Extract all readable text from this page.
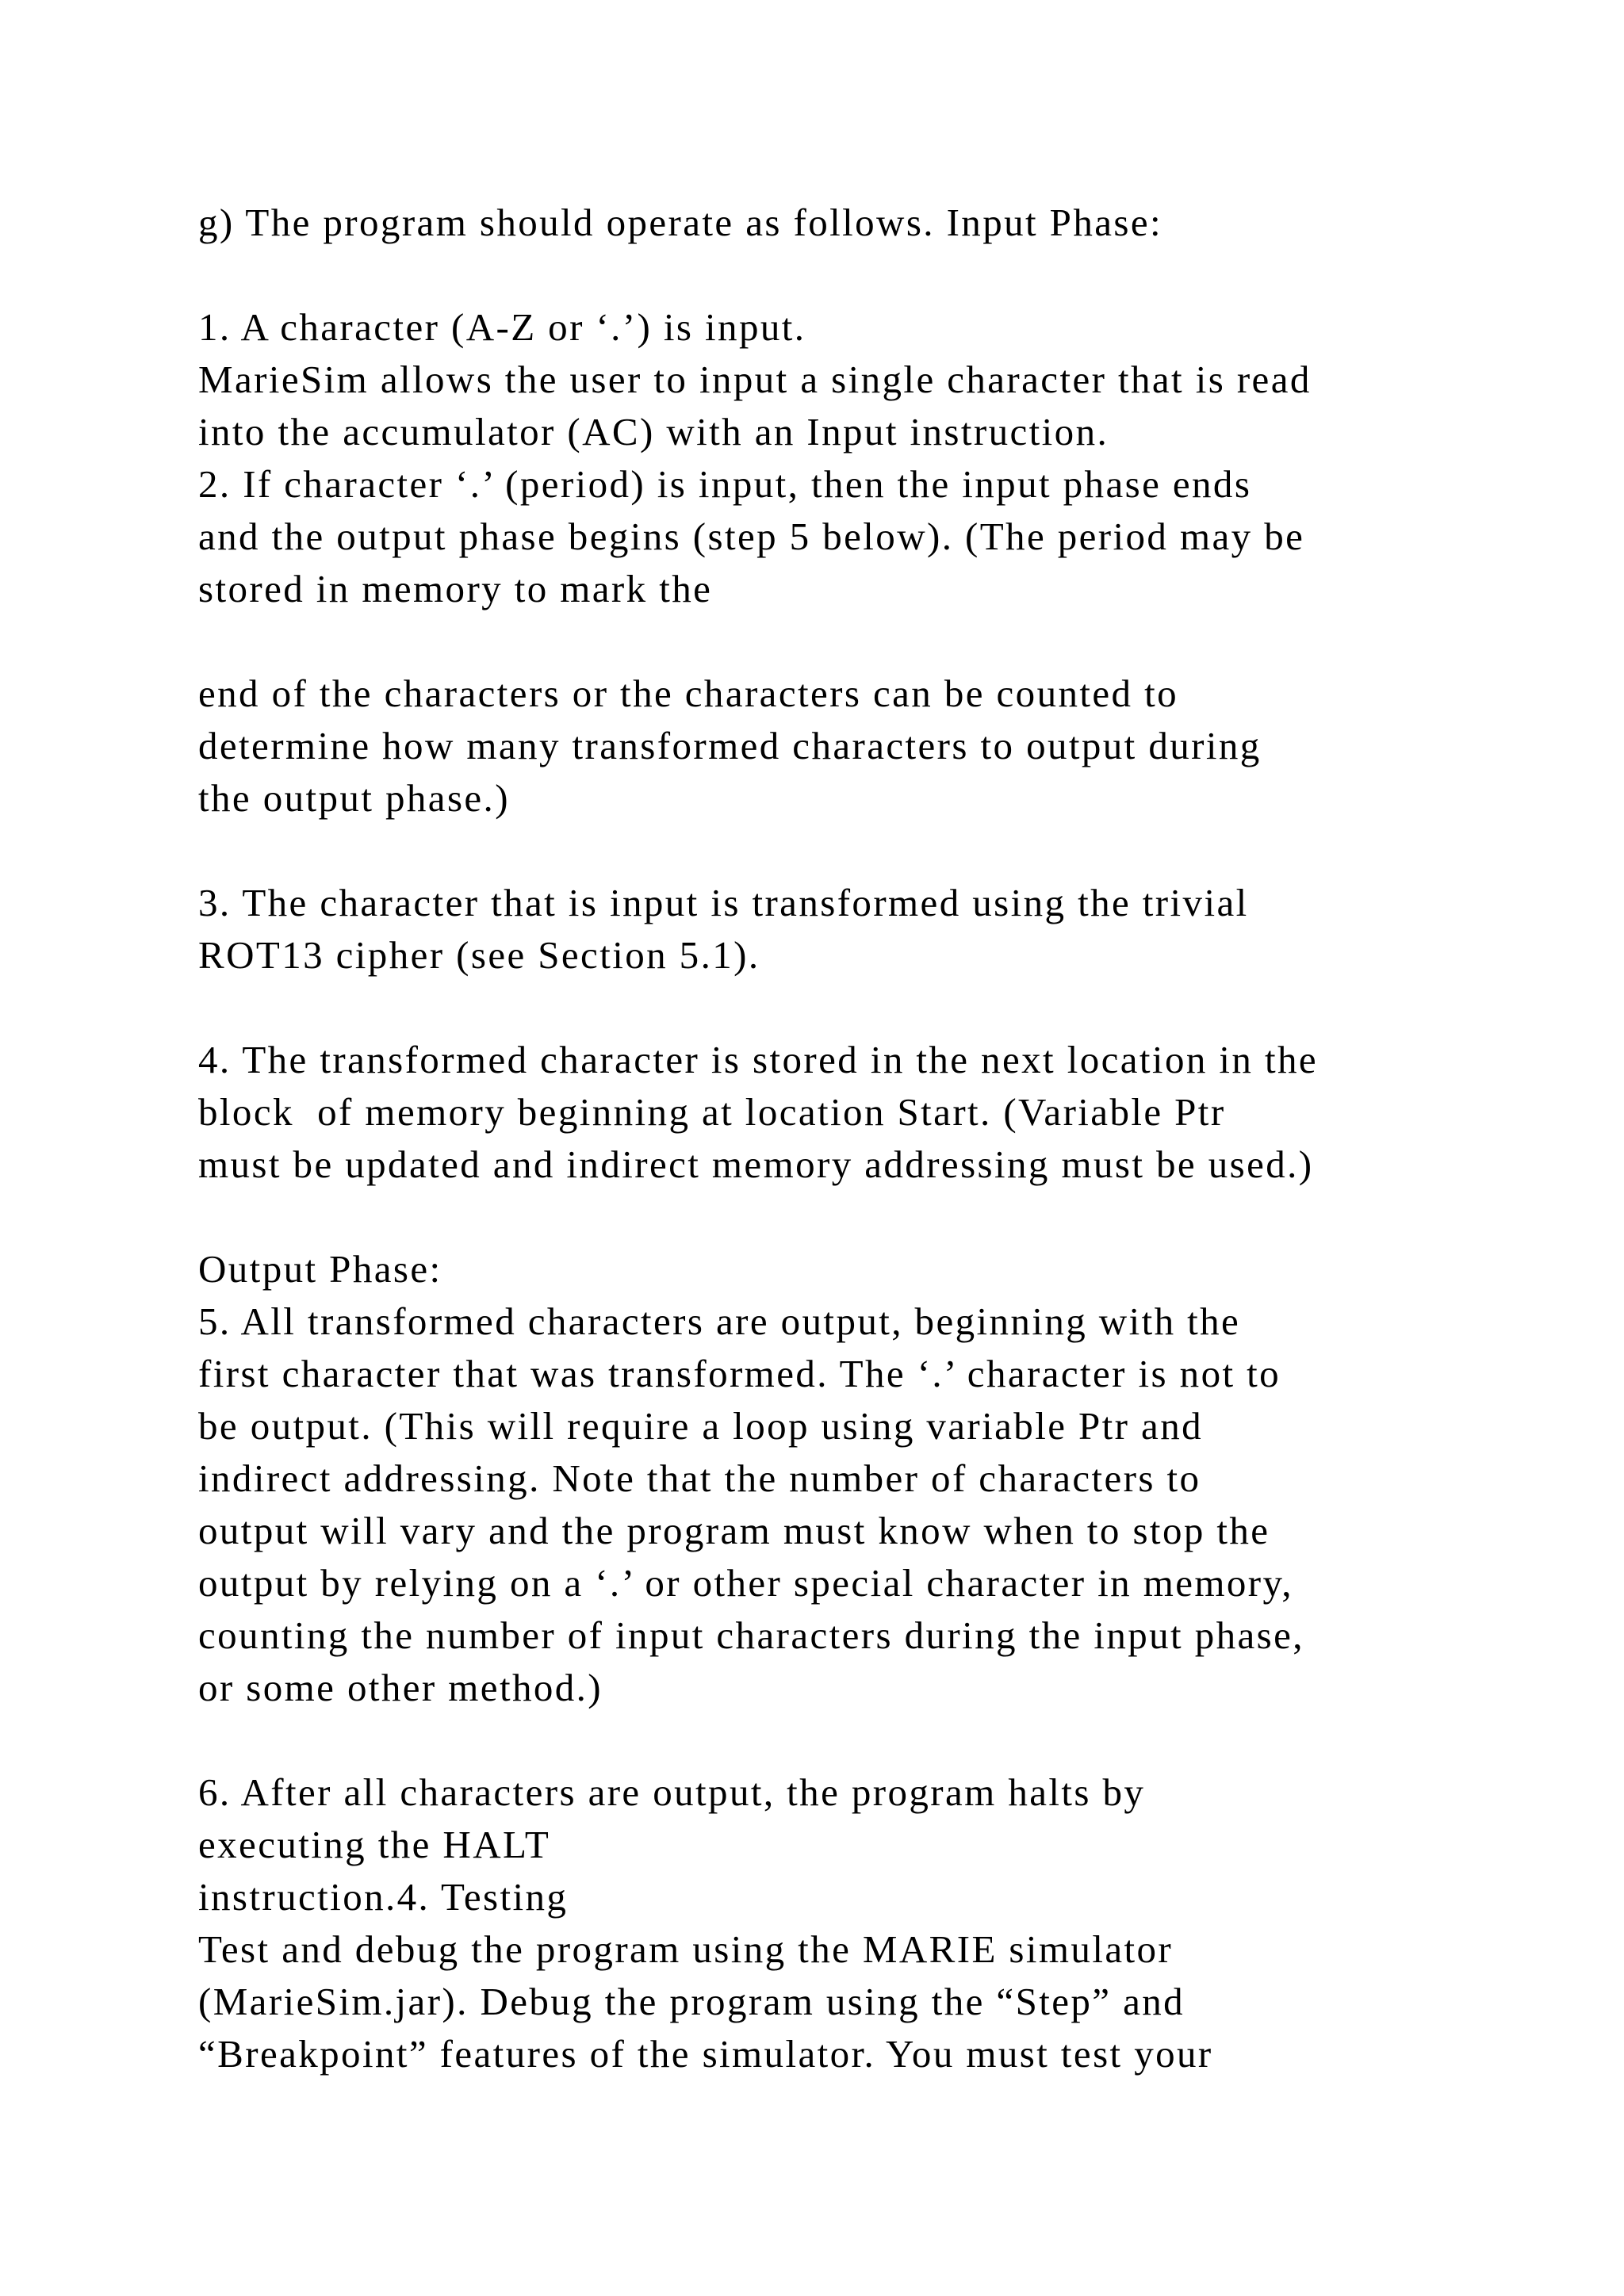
g) The program should operate as follows. Input Phase:
1. A character (A-Z or ‘.’) is input.
MarieSim allows the user to input a single character that is read
into the accumulator (AC) with an Input instruction.
2. If character ‘.’ (period) is input, then the input phase ends
and the output phase begins (step 5 below). (The period may be
stored in memory to mark the
end of the characters or the characters can be counted to
determine how many transformed characters to output during
the output phase.)
3. The character that is input is transformed using the trivial
ROT13 cipher (see Section 5.1).
4. The transformed character is stored in the next location in the
block  of memory beginning at location Start. (Variable Ptr
must be updated and indirect memory addressing must be used.)
Output Phase:
5. All transformed characters are output, beginning with the
first character that was transformed. The ‘.’ character is not to
be output. (This will require a loop using variable Ptr and
indirect addressing. Note that the number of characters to
output will vary and the program must know when to stop the
output by relying on a ‘.’ or other special character in memory,
counting the number of input characters during the input phase,
or some other method.)
6. After all characters are output, the program halts by
executing the HALT
instruction.4. Testing
Test and debug the program using the MARIE simulator
(MarieSim.jar). Debug the program using the “Step” and
“Breakpoint” features of the simulator. You must test your
